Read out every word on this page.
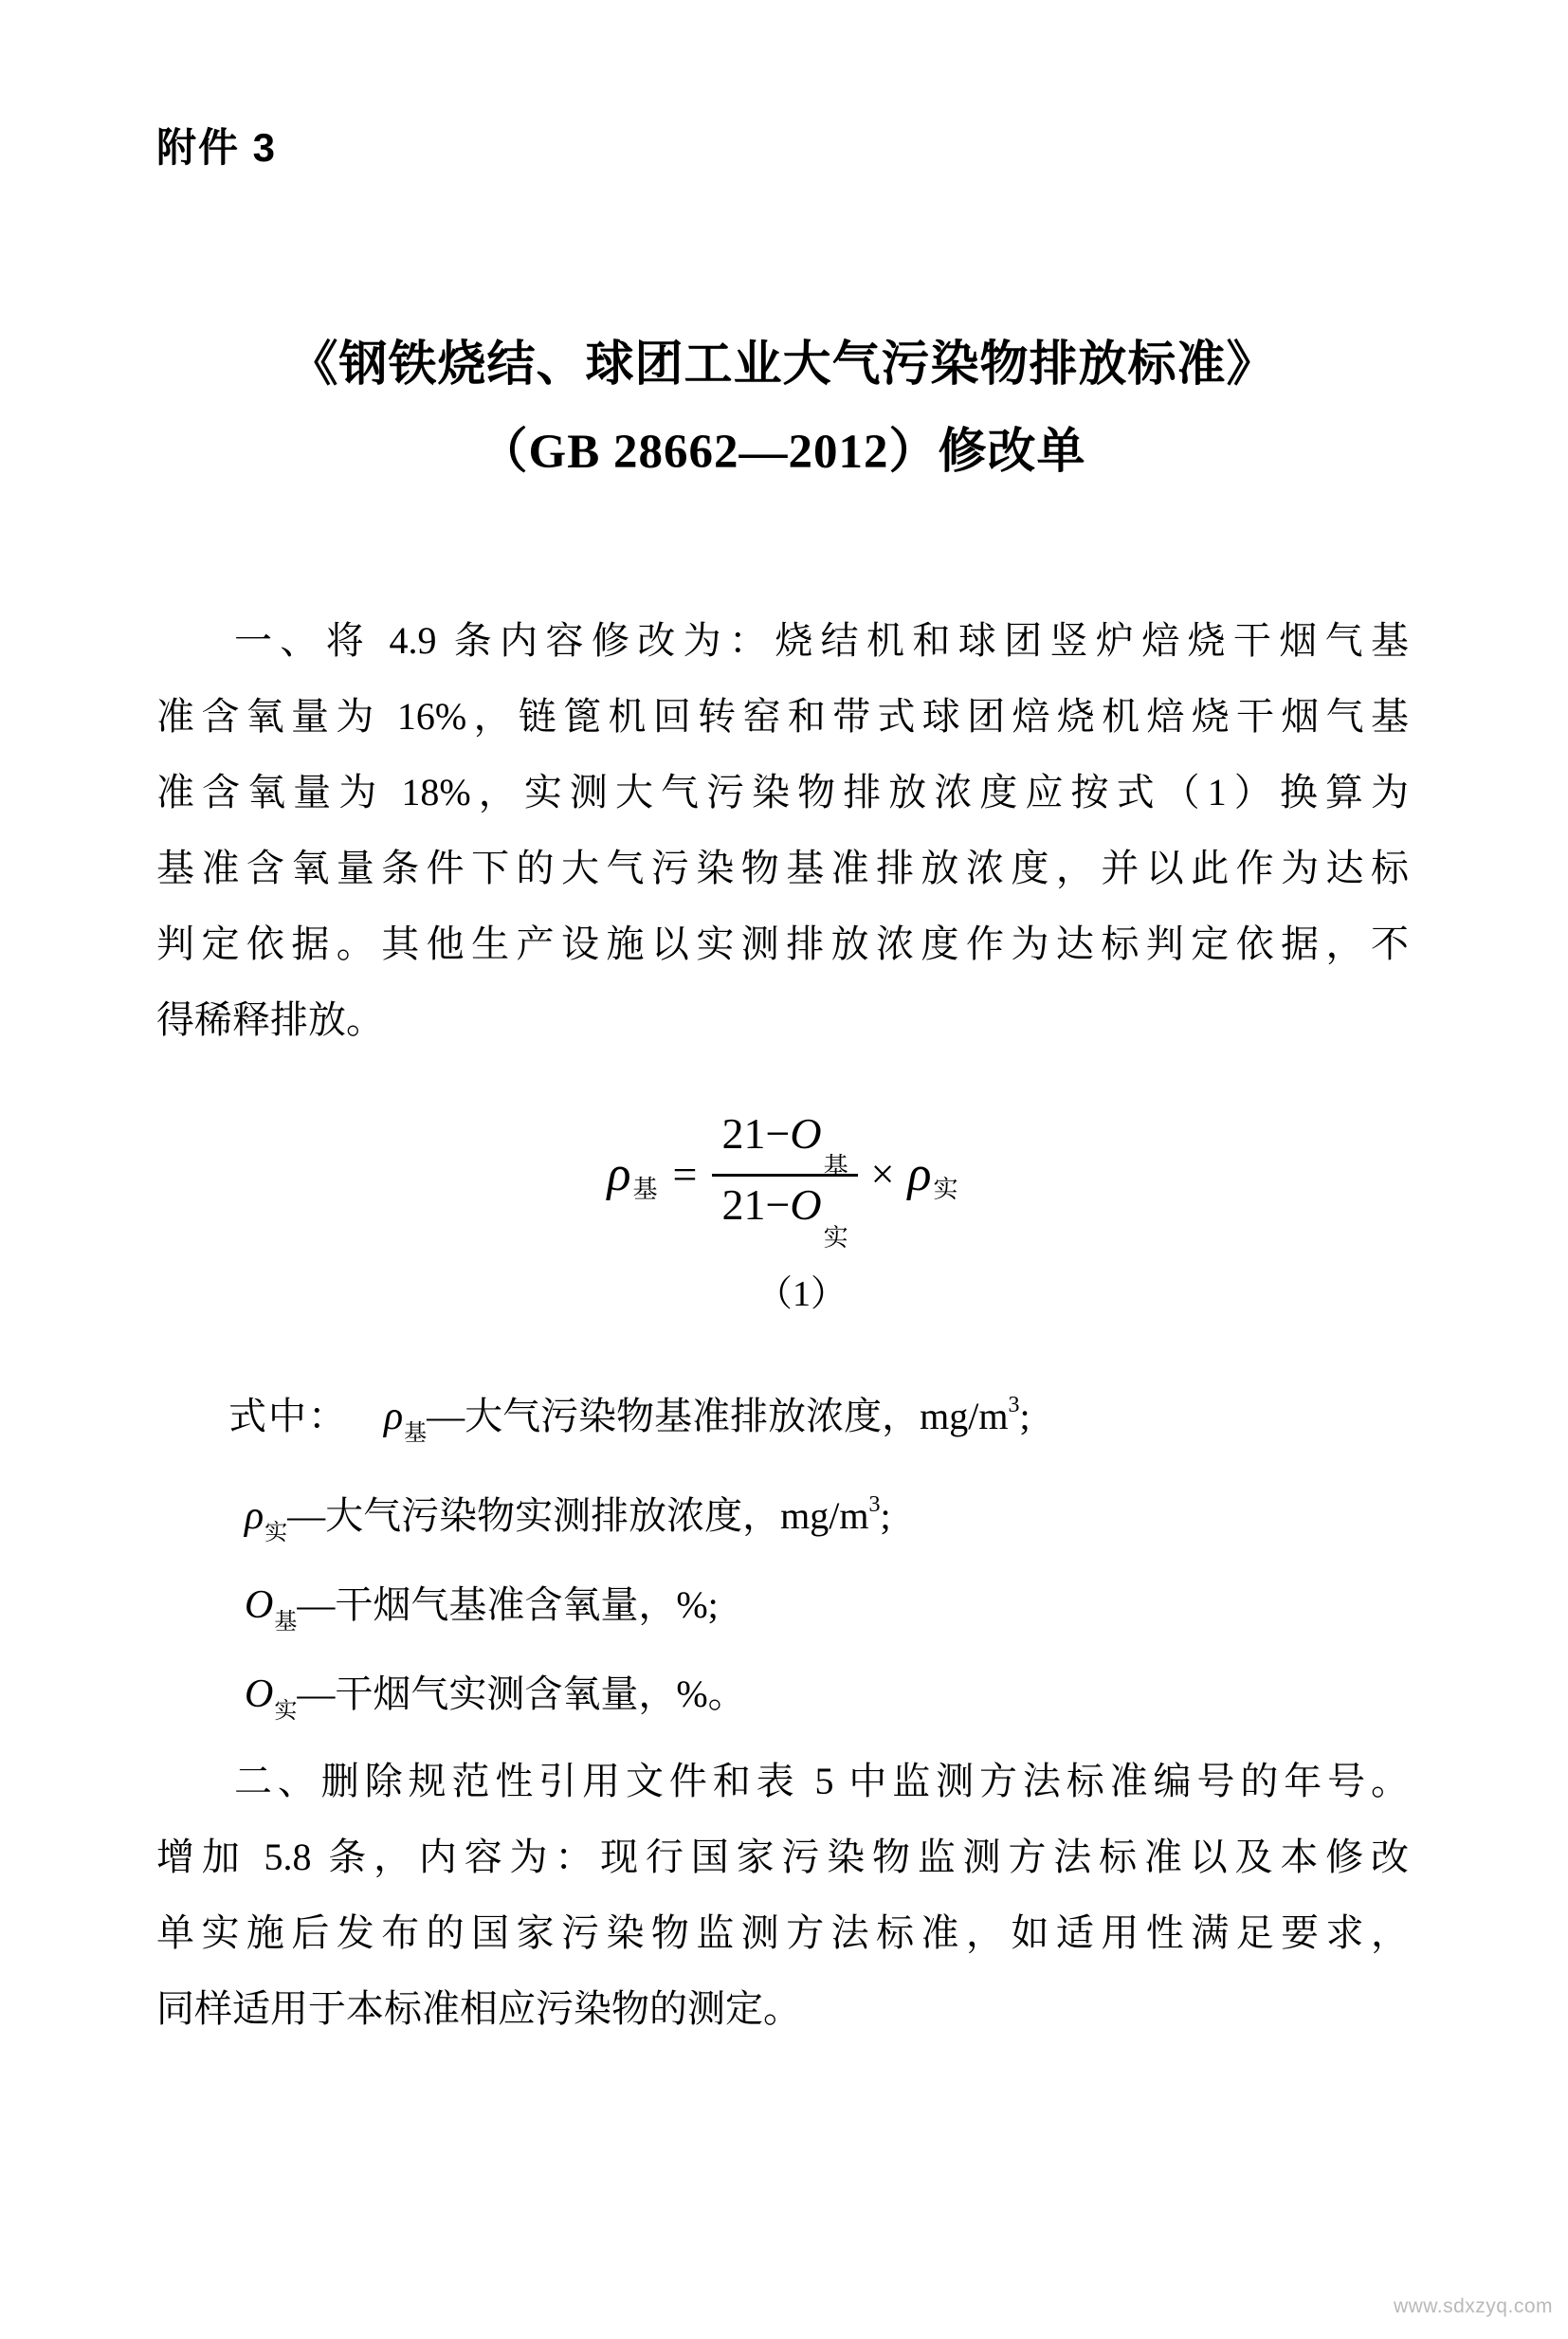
附件 3
《钢铁烧结、球团工业大气污染物排放标准》
（GB 28662—2012）修改单
一、将 4.9 条内容修改为：烧结机和球团竖炉焙烧干烟气基
准含氧量为 16%，链篦机回转窑和带式球团焙烧机焙烧干烟气基
准含氧量为 18%，实测大气污染物排放浓度应按式（1）换算为
基准含氧量条件下的大气污染物基准排放浓度，并以此作为达标
判定依据。其他生产设施以实测排放浓度作为达标判定依据，不
得稀释排放。
ρ 基 = $\frac{\text{21−O基}}{\text{21−O实}} \times \rho$ 实
（1）
式中： ρ基—大气污染物基准排放浓度，$mg/m^3$;
ρ实—大气污染物实测排放浓度，$mg/m^3$;
O基—干烟气基准含氧量，%;
O实—干烟气实测含氧量，%。
二、删除规范性引用文件和表 5 中监测方法标准编号的年号。
增加 5.8 条，内容为：现行国家污染物监测方法标准以及本修改
单实施后发布的国家污染物监测方法标准，如适用性满足要求，
同样适用于本标准相应污染物的测定。
www.sdxzyq.com
